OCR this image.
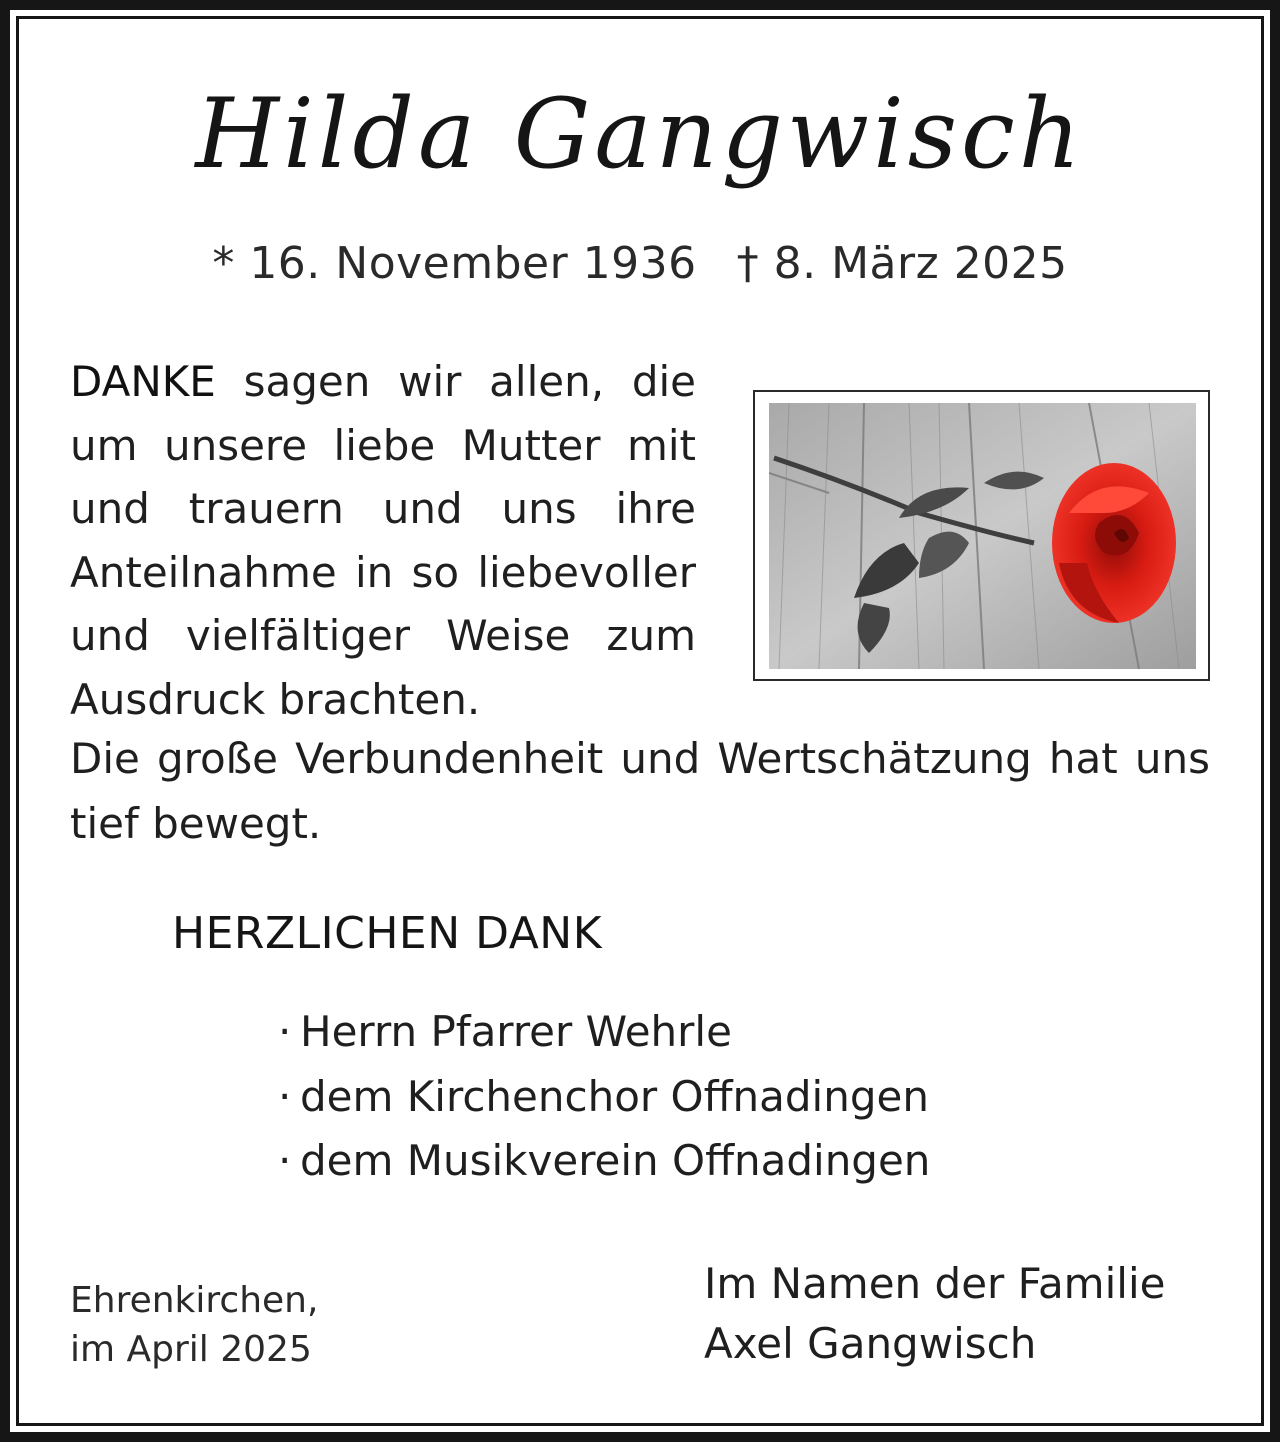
Hilda Gangwisch
* 16. November 1936 † 8. März 2025
DANKE sagen wir allen, die um unsere liebe Mutter mit und trauern und uns ihre Anteilnahme in so liebevoller und vielfältiger Weise zum Ausdruck brachten.
Die große Verbundenheit und Wertschätzung hat uns tief bewegt.
HERZLICHEN DANK
· Herrn Pfarrer Wehrle
· dem Kirchenchor Offnadingen
· dem Musikverein Offnadingen
Ehrenkirchen,
im April 2025
Im Namen der Familie
Axel Gangwisch
